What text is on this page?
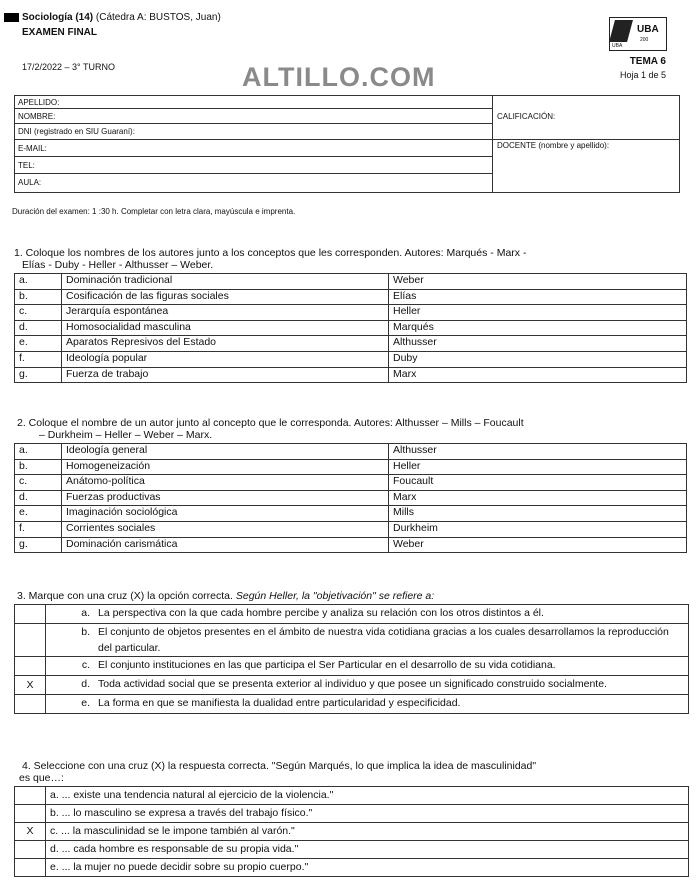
Sociología (14) (Cátedra A: BUSTOS, Juan)
EXAMEN FINAL
17/2/2022 – 3° TURNO	ALTILLO.COM
UBA
200
UBA
TEMA 6
Hoja 1 de 5
APELLIDO:
NOMBRE:
DNI (registrado en SIU Guaraní):
E-MAIL:
TEL:
AULA:
CALIFICACIÓN:
DOCENTE (nombre y apellido):
Duración del examen: 1 :30 h. Completar con letra clara, mayúscula e imprenta.
1. Coloque los nombres de los autores junto a los conceptos que les corresponden. Autores: Marqués - Marx -
Elías - Duby - Heller - Althusser – Weber.
a.	Dominación tradicional	Weber
b.	Cosificación de las figuras sociales	Elías
c.	Jerarquía espontánea	Heller
d.	Homosocialidad masculina	Marqués
e.	Aparatos Represivos del Estado	Althusser
f.	Ideología popular	Duby
g.	Fuerza de trabajo	Marx
2. Coloque el nombre de un autor junto al concepto que le corresponda. Autores: Althusser – Mills – Foucault
– Durkheim – Heller – Weber – Marx.
a.	Ideología general	Althusser
b.	Homogeneización	Heller
c.	Anátomo-política	Foucault
d.	Fuerzas productivas	Marx
e.	Imaginación sociológica	Mills
f.	Corrientes sociales	Durkheim
g.	Dominación carismática	Weber
3. Marque con una cruz (X) la opción correcta. Según Heller, la "objetivación" se refiere a:
	a.	La perspectiva con la que cada hombre percibe y analiza su relación con los otros distintos a él.
	b.	El conjunto de objetos presentes en el ámbito de nuestra vida cotidiana gracias a los cuales desarrollamos la reproducción del particular.
	c.	El conjunto instituciones en las que participa el Ser Particular en el desarrollo de su vida cotidiana.
X	d.	Toda actividad social que se presenta exterior al individuo y que posee un significado construido socialmente.
	e.	La forma en que se manifiesta la dualidad entre particularidad y especificidad.
4. Seleccione con una cruz (X) la respuesta correcta. "Según Marqués, lo que implica la idea de masculinidad"
es que…:
	a. ... existe una tendencia natural al ejercicio de la violencia."
	b. ... lo masculino se expresa a través del trabajo físico."
X	c. ... la masculinidad se le impone también al varón."
	d. ... cada hombre es responsable de su propia vida."
	e. ... la mujer no puede decidir sobre su propio cuerpo."
